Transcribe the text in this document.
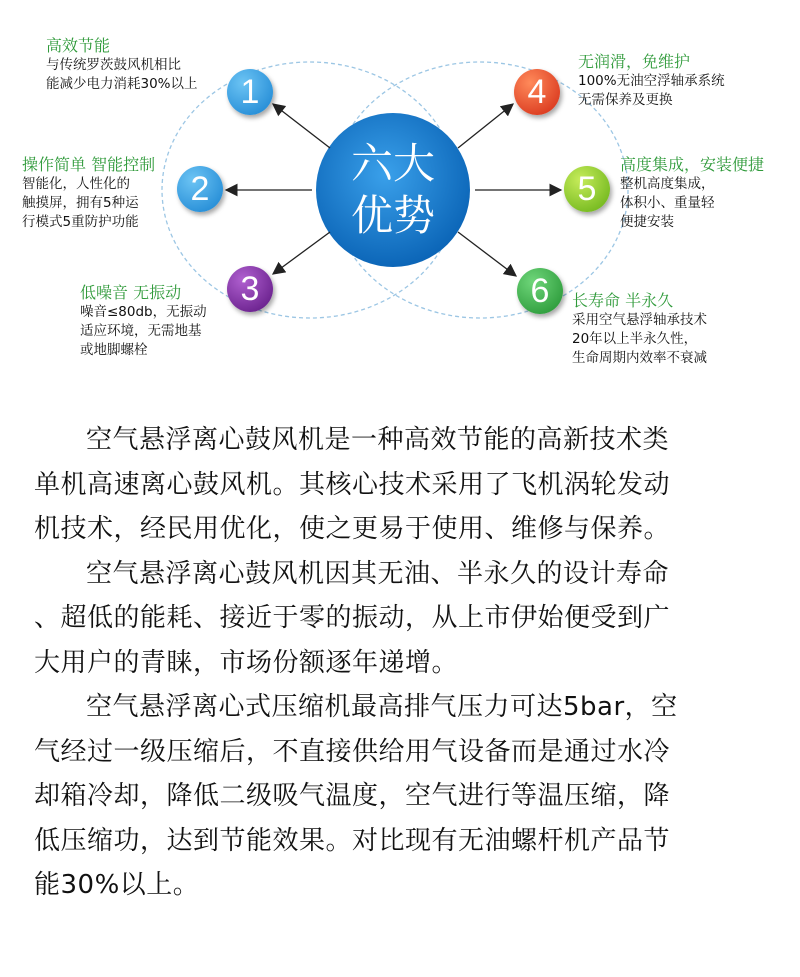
六大
优势
1
2
3
4
5
6
高效节能
与传统罗茨鼓风机相比
能减少电力消耗30%以上
操作简单 智能控制
智能化，人性化的
触摸屏，拥有5种运
行模式5重防护功能
低噪音 无振动
噪音≤80db，无振动
适应环境，无需地基
或地脚螺栓
无润滑，免维护
100%无油空浮轴承系统
无需保养及更换
高度集成，安装便捷
整机高度集成，
体积小、重量轻
便捷安装
长寿命 半永久
采用空气悬浮轴承技术
20年以上半永久性，
生命周期内效率不衰减

空气悬浮离心鼓风机是一种高效节能的高新技术类
单机高速离心鼓风机。其核心技术采用了飞机涡轮发动
机技术，经民用优化，使之更易于使用、维修与保养。

空气悬浮离心鼓风机因其无油、半永久的设计寿命
、超低的能耗、接近于零的振动，从上市伊始便受到广
大用户的青睐，市场份额逐年递增。

空气悬浮离心式压缩机最高排气压力可达5bar，空
气经过一级压缩后，不直接供给用气设备而是通过水冷
却箱冷却，降低二级吸气温度，空气进行等温压缩，降
低压缩功，达到节能效果。对比现有无油螺杆机产品节
能30%以上。
